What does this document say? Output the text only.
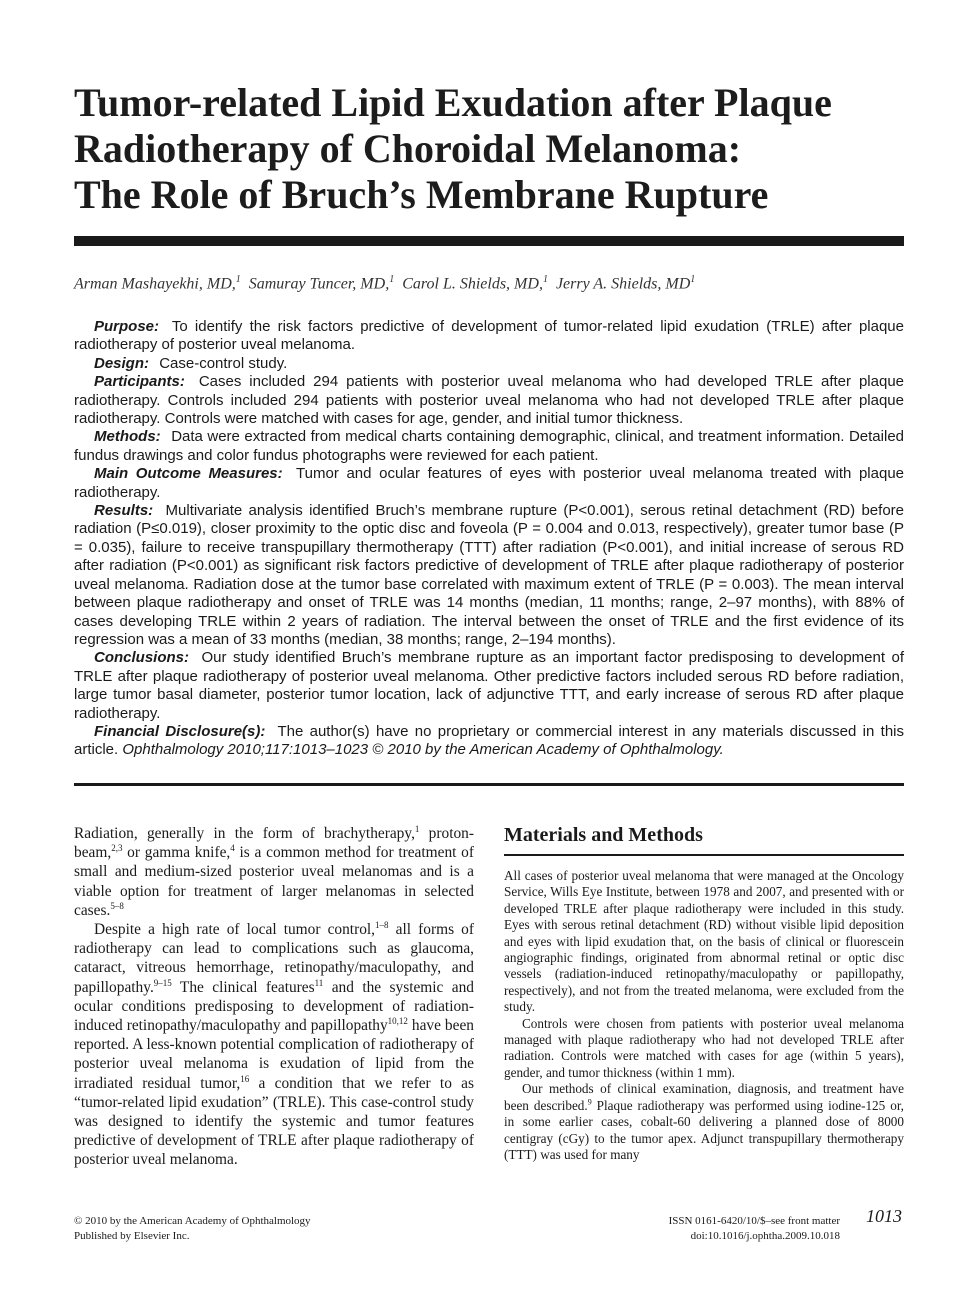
Tumor-related Lipid Exudation after Plaque
Radiotherapy of Choroidal Melanoma:
The Role of Bruch’s Membrane Rupture
Arman Mashayekhi, MD,$^1$ Samuray Tuncer, MD,$^1$ Carol L. Shields, MD,$^1$ Jerry A. Shields, $MD^1$

Purpose: To identify the risk factors predictive of development of tumor-related lipid exudation (TRLE) after plaque radiotherapy of posterior uveal melanoma.

Design: Case-control study.

Participants: Cases included 294 patients with posterior uveal melanoma who had developed TRLE after plaque radiotherapy. Controls included 294 patients with posterior uveal melanoma who had not developed TRLE after plaque radiotherapy. Controls were matched with cases for age, gender, and initial tumor thickness.

Methods: Data were extracted from medical charts containing demographic, clinical, and treatment information. Detailed fundus drawings and color fundus photographs were reviewed for each patient.

Main Outcome Measures: Tumor and ocular features of eyes with posterior uveal melanoma treated with plaque radiotherapy.

Results: Multivariate analysis identified Bruch’s membrane rupture (P<0.001), serous retinal detachment (RD) before radiation (P≤0.019), closer proximity to the optic disc and foveola (P = 0.004 and 0.013, respectively), greater tumor base (P = 0.035), failure to receive transpupillary thermotherapy (TTT) after radiation (P<0.001), and initial increase of serous RD after radiation (P<0.001) as significant risk factors predictive of development of TRLE after plaque radiotherapy of posterior uveal melanoma. Radiation dose at the tumor base correlated with maximum extent of TRLE (P = 0.003). The mean interval between plaque radiotherapy and onset of TRLE was 14 months (median, 11 months; range, 2–97 months), with 88% of cases developing TRLE within 2 years of radiation. The interval between the onset of TRLE and the first evidence of its regression was a mean of 33 months (median, 38 months; range, 2–194 months).

Conclusions: Our study identified Bruch’s membrane rupture as an important factor predisposing to development of TRLE after plaque radiotherapy of posterior uveal melanoma. Other predictive factors included serous RD before radiation, large tumor basal diameter, posterior tumor location, lack of adjunctive TTT, and early increase of serous RD after plaque radiotherapy.

Financial Disclosure(s): The author(s) have no proprietary or commercial interest in any materials discussed in this article. Ophthalmology 2010;117:1013–1023 © 2010 by the American Academy of Ophthalmology.

Radiation, generally in the form of brachytherapy,$^1$ proton-beam,$^{2,3}$ or gamma knife,$^4$ is a common method for treatment of small and medium-sized posterior uveal melanomas and is a viable option for treatment of larger melanomas in selected cases.$^{5-8}$

Despite a high rate of local tumor control,$^{1-8}$ all forms of radiotherapy can lead to complications such as glaucoma, cataract, vitreous hemorrhage, retinopathy/maculopathy, and papillopathy.$^{9-15}$ The clinical features$^{11}$ and the systemic and ocular conditions predisposing to development of radiation-induced retinopathy/maculopathy and papillopathy$^{10,12}$ have been reported. A less-known potential complication of radiotherapy of posterior uveal melanoma is exudation of lipid from the irradiated residual tumor,$^{16}$ a condition that we refer to as “tumor-related lipid exudation” (TRLE). This case-control study was designed to identify the systemic and tumor features predictive of development of TRLE after plaque radiotherapy of posterior uveal melanoma.

Materials and Methods

All cases of posterior uveal melanoma that were managed at the Oncology Service, Wills Eye Institute, between 1978 and 2007, and presented with or developed TRLE after plaque radiotherapy were included in this study. Eyes with serous retinal detachment (RD) without visible lipid deposition and eyes with lipid exudation that, on the basis of clinical or fluorescein angiographic findings, originated from abnormal retinal or optic disc vessels (radiation-induced retinopathy/maculopathy or papillopathy, respectively), and not from the treated melanoma, were excluded from the study.

Controls were chosen from patients with posterior uveal melanoma managed with plaque radiotherapy who had not developed TRLE after radiation. Controls were matched with cases for age (within 5 years), gender, and tumor thickness (within 1 mm).

Our methods of clinical examination, diagnosis, and treatment have been described.$^9$ Plaque radiotherapy was performed using iodine-125 or, in some earlier cases, cobalt-60 delivering a planned dose of 8000 centigray (cGy) to the tumor apex. Adjunct transpupillary thermotherapy (TTT) was used for many

© 2010 by the American Academy of Ophthalmology
Published by Elsevier Inc.
ISSN 0161-6420/10/$–see front matter
doi:10.1016/j.ophtha.2009.10.018
1013
